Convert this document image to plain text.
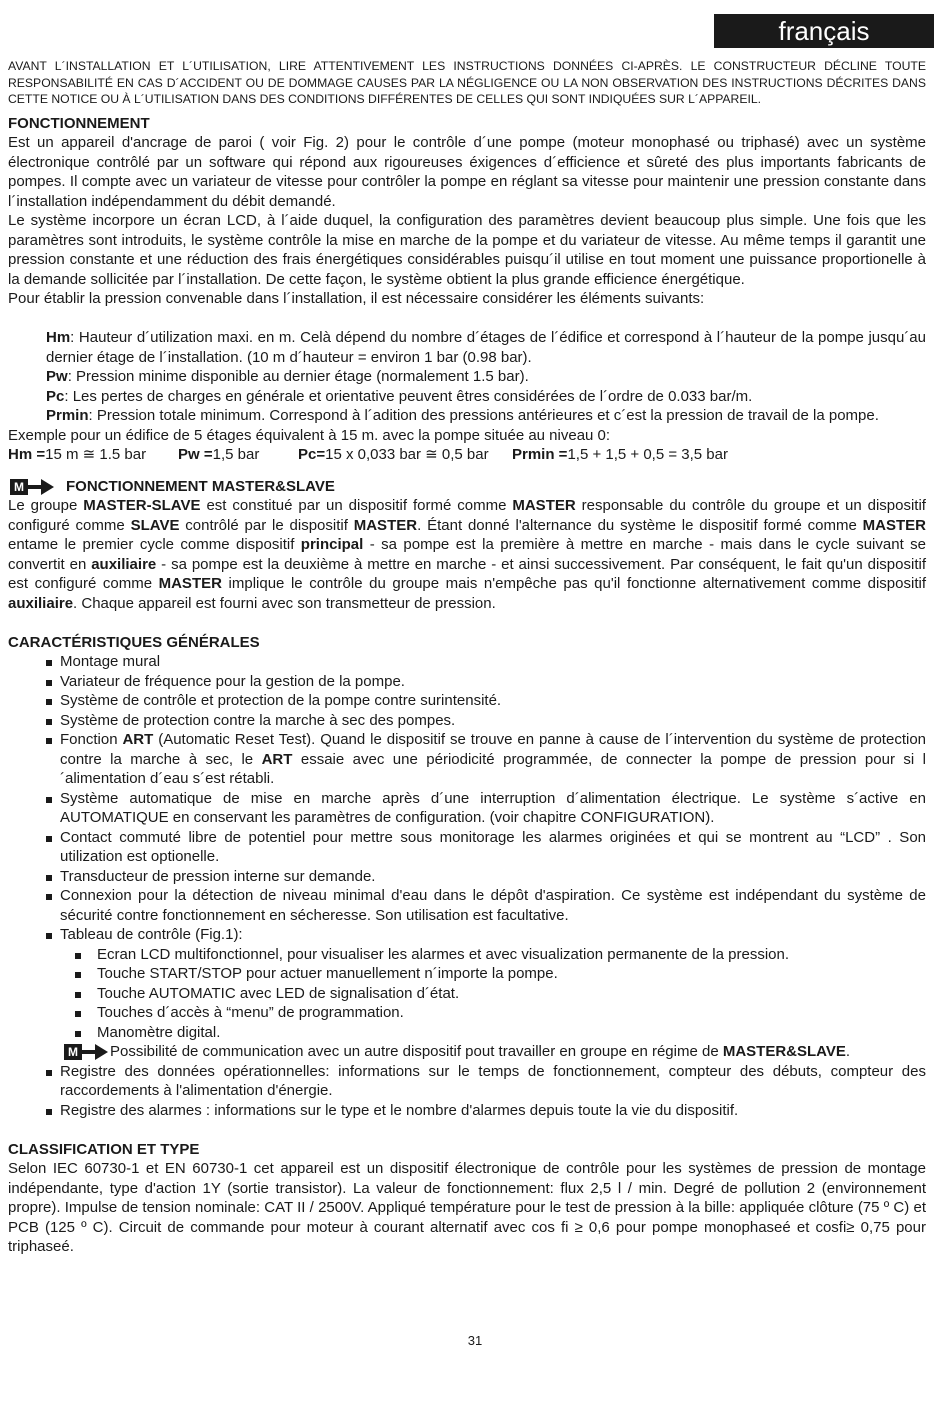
français

AVANT L´INSTALLATION ET L´UTILISATION, LIRE ATTENTIVEMENT LES INSTRUCTIONS DONNÉES CI-APRÈS. LE CONSTRUCTEUR DÉCLINE TOUTE RESPONSABILITÉ EN CAS D´ACCIDENT OU DE DOMMAGE CAUSES PAR LA NÉGLIGENCE OU LA NON OBSERVATION DES INSTRUCTIONS DÉCRITES DANS CETTE NOTICE OU À L´UTILISATION DANS DES CONDITIONS DIFFÉRENTES DE CELLES QUI SONT INDIQUÉES SUR L´APPAREIL.

FONCTIONNEMENT

Est un appareil d'ancrage de paroi ( voir Fig. 2) pour le contrôle d´une pompe (moteur monophasé ou triphasé) avec un système électronique contrôlé par un software qui répond aux rigoureuses éxigences d´efficience et sûreté des plus importants fabricants de pompes. Il compte avec un variateur de vitesse pour contrôler la pompe en réglant sa vitesse pour maintenir une pression constante dans l´installation indépendamment du débit demandé.

Le système incorpore un écran LCD, à l´aide duquel, la configuration des paramètres devient beaucoup plus simple. Une fois que les paramètres sont introduits, le système contrôle la mise en marche de la pompe et du variateur de vitesse. Au même temps il garantit une pression constante et une réduction des frais énergétiques considérables puisqu´il utilise en tout moment une puissance proportionelle à la demande sollicitée par l´installation. De cette façon, le système obtient la plus grande efficience énergétique.

Pour établir la pression convenable dans l´installation, il est nécessaire considérer les éléments suivants:

Hm: Hauteur d´utilization maxi. en m. Celà dépend du nombre d´étages de l´édifice et correspond à l´hauteur de la pompe jusqu´au dernier étage de l´installation. (10 m d´hauteur = environ 1 bar (0.98 bar).

Pw: Pression minime disponible au dernier étage (normalement 1.5 bar).

Pc: Les pertes de charges en générale et orientative peuvent êtres considérées de l´ordre de 0.033 bar/m.

Prmin: Pression totale minimum. Correspond à l´adition des pressions antérieures et c´est la pression de travail de la pompe.

Exemple pour un édifice de 5 étages équivalent à 15 m. avec la pompe située au niveau 0:

Hm =15 m ≅ 1.5 bar Pw =1,5 bar	Pc=15 x 0,033 bar ≅ 0,5 bar Prmin =1,5 + 1,5 + 0,5 = 3,5 bar
M	FONCTIONNEMENT MASTER&SLAVE

Le groupe MASTER-SLAVE est constitué par un dispositif formé comme MASTER responsable du contrôle du groupe et un dispositif configuré comme SLAVE contrôlé par le dispositif MASTER. Étant donné l'alternance du système le dispositif formé comme MASTER entame le premier cycle comme dispositif principal - sa pompe est la première à mettre en marche - mais dans le cycle suivant se convertit en auxiliaire - sa pompe est la deuxième à mettre en marche - et ainsi successivement. Par conséquent, le fait qu'un dispositif est configuré comme MASTER implique le contrôle du groupe mais n'empêche pas qu'il fonctionne alternativement comme dispositif auxiliaire. Chaque appareil est fourni avec son transmetteur de pression.

CARACTÉRISTIQUES GÉNÉRALES
Montage mural
Variateur de fréquence pour la gestion de la pompe.
Système de contrôle et protection de la pompe contre surintensité.
Système de protection contre la marche à sec des pompes.
Fonction ART (Automatic Reset Test). Quand le dispositif se trouve en panne à cause de l´intervention du système de protection contre la marche à sec, le ART essaie avec une périodicité programmée, de connecter la pompe de pression pour si l´alimentation d´eau s´est rétabli.
Système automatique de mise en marche après d´une interruption d´alimentation électrique. Le système s´active en AUTOMATIQUE en conservant les paramètres de configuration. (voir chapitre CONFIGURATION).
Contact commuté libre de potentiel pour mettre sous monitorage les alarmes originées et qui se montrent au “LCD” . Son utilization est optionelle.
Transducteur de pression interne sur demande.
Connexion pour la détection de niveau minimal d'eau dans le dépôt d'aspiration. Ce système est indépendant du système de sécurité contre fonctionnement en sécheresse. Son utilisation est facultative.
Tableau de contrôle (Fig.1):
Ecran LCD multifonctionnel, pour visualiser les alarmes et avec visualization permanente de la pression.
Touche START/STOP pour actuer manuellement n´importe la pompe.
Touche AUTOMATIC avec LED de signalisation d´état.
Touches d´accès à “menu” de programmation.
Manomètre digital.
M Possibilité de communication avec un autre dispositif pout travailler en groupe en régime de MASTER&SLAVE.
Registre des données opérationnelles: informations sur le temps de fonctionnement, compteur des débuts, compteur des raccordements à l'alimentation d'énergie.
Registre des alarmes : informations sur le type et le nombre d'alarmes depuis toute la vie du dispositif.
CLASSIFICATION ET TYPE

Selon IEC 60730-1 et EN 60730-1 cet appareil est un dispositif électronique de contrôle pour les systèmes de pression de montage indépendante, type d'action 1Y (sortie transistor). La valeur de fonctionnement: flux 2,5 l / min. Degré de pollution 2 (environnement propre). Impulse de tension nominale: CAT II / 2500V. Appliqué température pour le test de pression à la bille: appliquée clôture (75 º C) et PCB (125 º C). Circuit de commande pour moteur à courant alternatif avec cos fi ≥ 0,6 pour pompe monophaseé et cosfi≥ 0,75 pour triphaseé.

31
